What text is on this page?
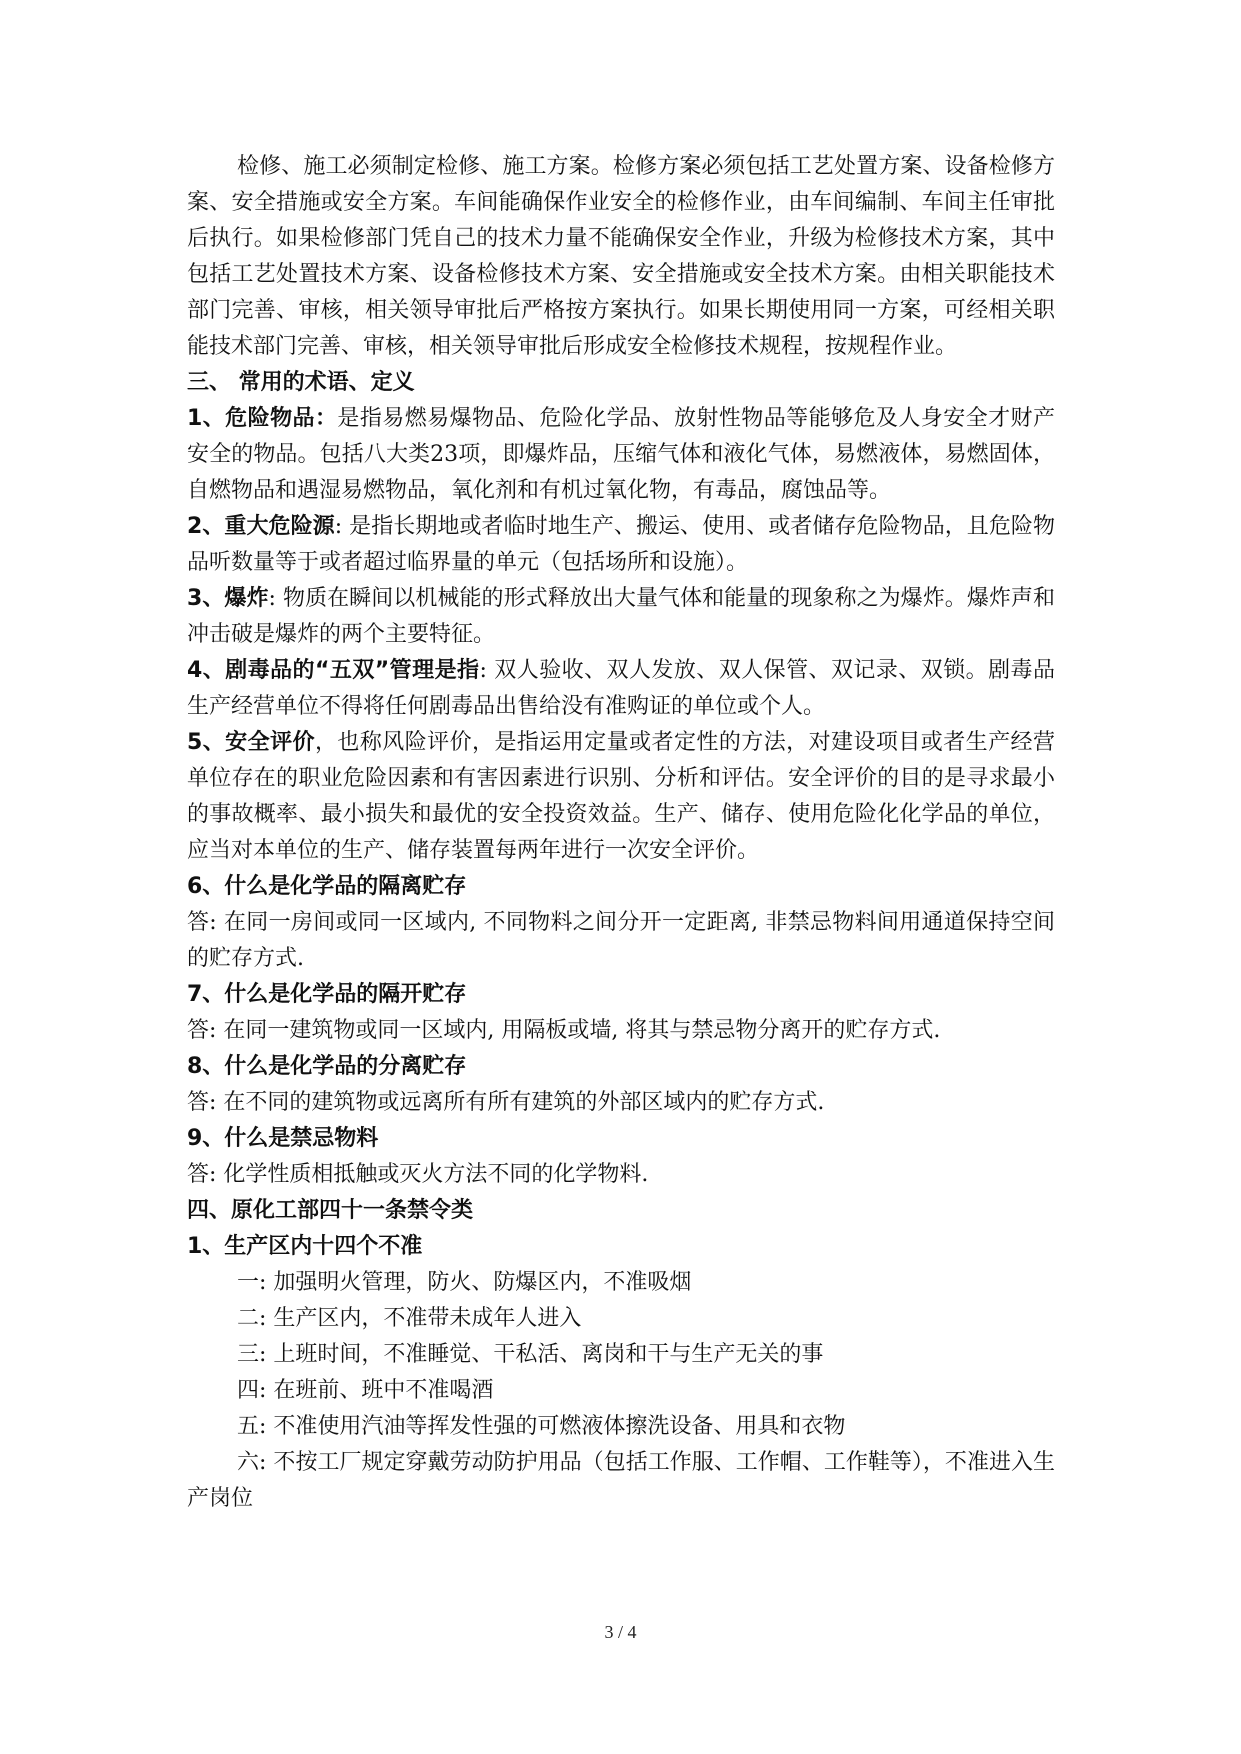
检修、施工必须制定检修、施工方案。检修方案必须包括工艺处置方案、设备检修方案、安全措施或安全方案。车间能确保作业安全的检修作业，由车间编制、车间主任审批后执行。如果检修部门凭自己的技术力量不能确保安全作业，升级为检修技术方案，其中包括工艺处置技术方案、设备检修技术方案、安全措施或安全技术方案。由相关职能技术部门完善、审核，相关领导审批后严格按方案执行。如果长期使用同一方案，可经相关职能技术部门完善、审核，相关领导审批后形成安全检修技术规程，按规程作业。

三、 常用的术语、定义

1、危险物品：是指易燃易爆物品、危险化学品、放射性物品等能够危及人身安全才财产安全的物品。包括八大类23项，即爆炸品，压缩气体和液化气体，易燃液体，易燃固体，自燃物品和遇湿易燃物品，氧化剂和有机过氧化物，有毒品，腐蚀品等。

2、重大危险源: 是指长期地或者临时地生产、搬运、使用、或者储存危险物品，且危险物品听数量等于或者超过临界量的单元（包括场所和设施）。

3、爆炸: 物质在瞬间以机械能的形式释放出大量气体和能量的现象称之为爆炸。爆炸声和冲击破是爆炸的两个主要特征。

4、剧毒品的“五双”管理是指: 双人验收、双人发放、双人保管、双记录、双锁。剧毒品生产经营单位不得将任何剧毒品出售给没有准购证的单位或个人。

5、安全评价，也称风险评价，是指运用定量或者定性的方法，对建设项目或者生产经营单位存在的职业危险因素和有害因素进行识别、分析和评估。安全评价的目的是寻求最小的事故概率、最小损失和最优的安全投资效益。生产、储存、使用危险化化学品的单位，应当对本单位的生产、储存装置每两年进行一次安全评价。

6、什么是化学品的隔离贮存

答: 在同一房间或同一区域内, 不同物料之间分开一定距离, 非禁忌物料间用通道保持空间的贮存方式.

7、什么是化学品的隔开贮存

答: 在同一建筑物或同一区域内, 用隔板或墙, 将其与禁忌物分离开的贮存方式.

8、什么是化学品的分离贮存

答: 在不同的建筑物或远离所有所有建筑的外部区域内的贮存方式.

9、什么是禁忌物料

答: 化学性质相抵触或灭火方法不同的化学物料.

四、原化工部四十一条禁令类

1、生产区内十四个不准

一: 加强明火管理，防火、防爆区内，不准吸烟

二: 生产区内，不准带未成年人进入

三: 上班时间，不准睡觉、干私活、离岗和干与生产无关的事

四: 在班前、班中不准喝酒

五: 不准使用汽油等挥发性强的可燃液体擦洗设备、用具和衣物

六: 不按工厂规定穿戴劳动防护用品（包括工作服、工作帽、工作鞋等），不准进入生产岗位

3 / 4
